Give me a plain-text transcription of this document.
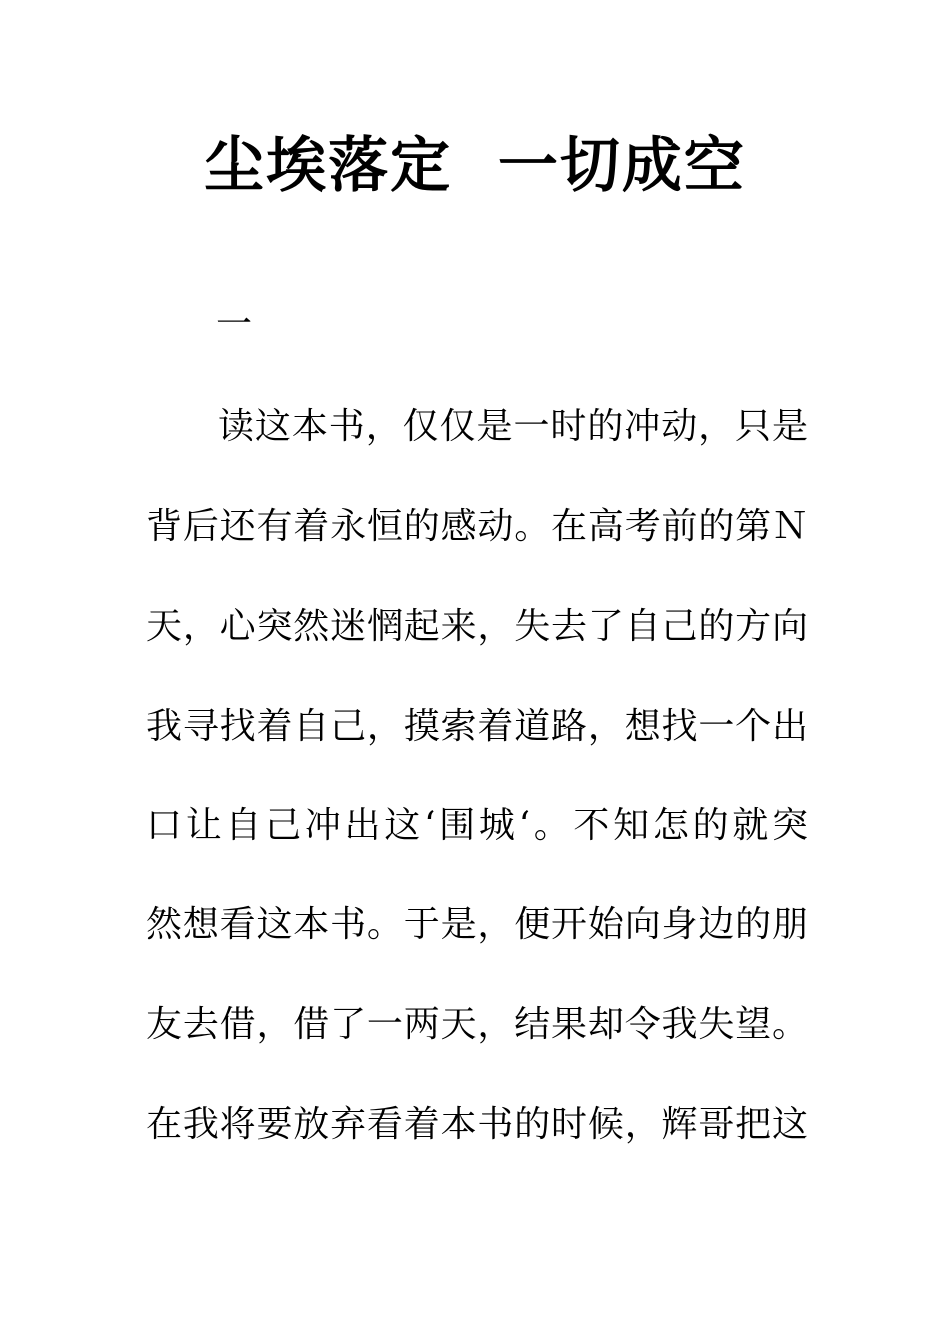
尘埃落定  一切成空

一

读这本书，仅仅是一时的冲动，只是

背后还有着永恒的感动。在高考前的第Ｎ

天，心突然迷惘起来，失去了自己的方向

我寻找着自己，摸索着道路，想找一个出

口让自己冲出这‘围城‘。不知怎的就突

然想看这本书。于是，便开始向身边的朋

友去借，借了一两天，结果却令我失望。

在我将要放弃看着本书的时候，辉哥把这
